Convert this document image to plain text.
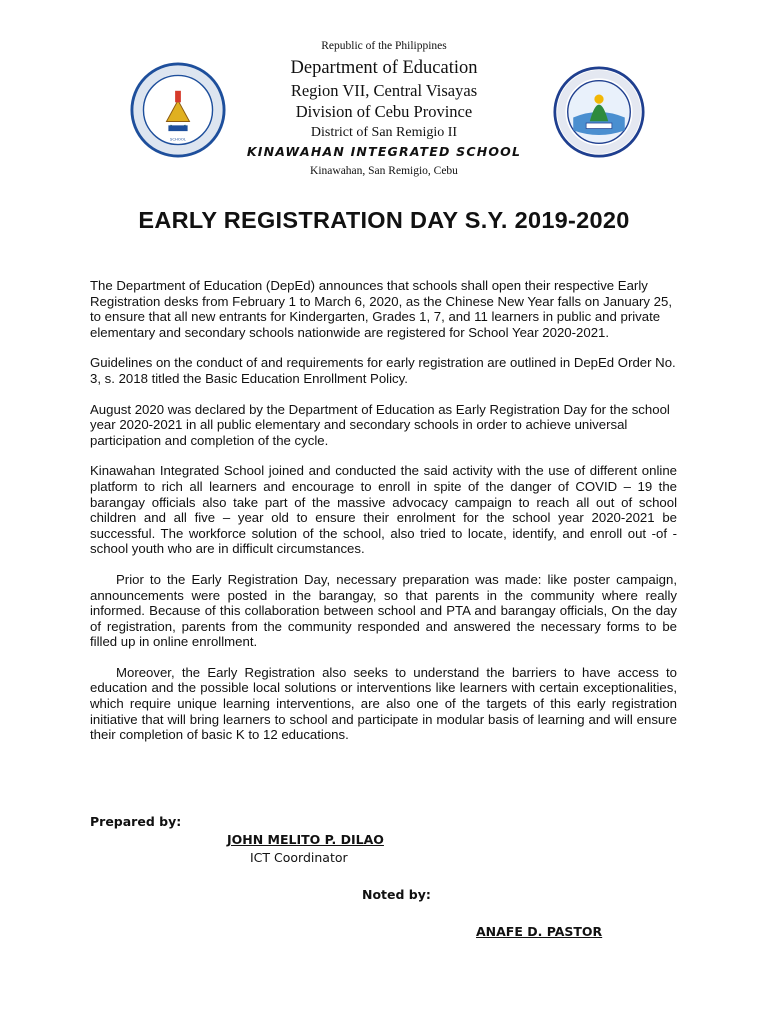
SCHOOL
Republic of the Philippines
Department of Education
Region VII, Central Visayas
Division of Cebu Province
District of San Remigio II
KINAWAHAN INTEGRATED SCHOOL
Kinawahan, San Remigio, Cebu
EARLY REGISTRATION DAY S.Y. 2019-2020

The Department of Education (DepEd) announces that schools shall open their respective Early Registration desks from February 1 to March 6, 2020, as the Chinese New Year falls on January 25, to ensure that all new entrants for Kindergarten, Grades 1, 7, and 11 learners in public and private elementary and secondary schools nationwide are registered for School Year 2020-2021.

Guidelines on the conduct of and requirements for early registration are outlined in DepEd Order No. 3, s. 2018 titled the Basic Education Enrollment Policy.

August 2020 was declared by the Department of Education as Early Registration Day for the school year 2020-2021 in all public elementary and secondary schools in order to achieve universal participation and completion of the cycle.

Kinawahan Integrated School joined and conducted the said activity with the use of different online platform to rich all learners and encourage to enroll in spite of the danger of COVID – 19 the barangay officials also take part of the massive advocacy campaign to reach all out of school children and all five – year old to ensure their enrolment for the school year 2020-2021 be successful. The workforce solution of the school, also tried to locate, identify, and enroll out -of -school youth who are in difficult circumstances.

Prior to the Early Registration Day, necessary preparation was made: like poster campaign, announcements were posted in the barangay, so that parents in the community where really informed. Because of this collaboration between school and PTA and barangay officials, On the day of registration, parents from the community responded and answered the necessary forms to be filled up in online enrollment.

Moreover, the Early Registration also seeks to understand the barriers to have access to education and the possible local solutions or interventions like learners with certain exceptionalities, which require unique learning interventions, are also one of the targets of this early registration initiative that will bring learners to school and participate in modular basis of learning and will ensure their completion of basic K to 12 educations.

Prepared by:
JOHN MELITO P. DILAO
ICT Coordinator
Noted by:
ANAFE D. PASTOR
